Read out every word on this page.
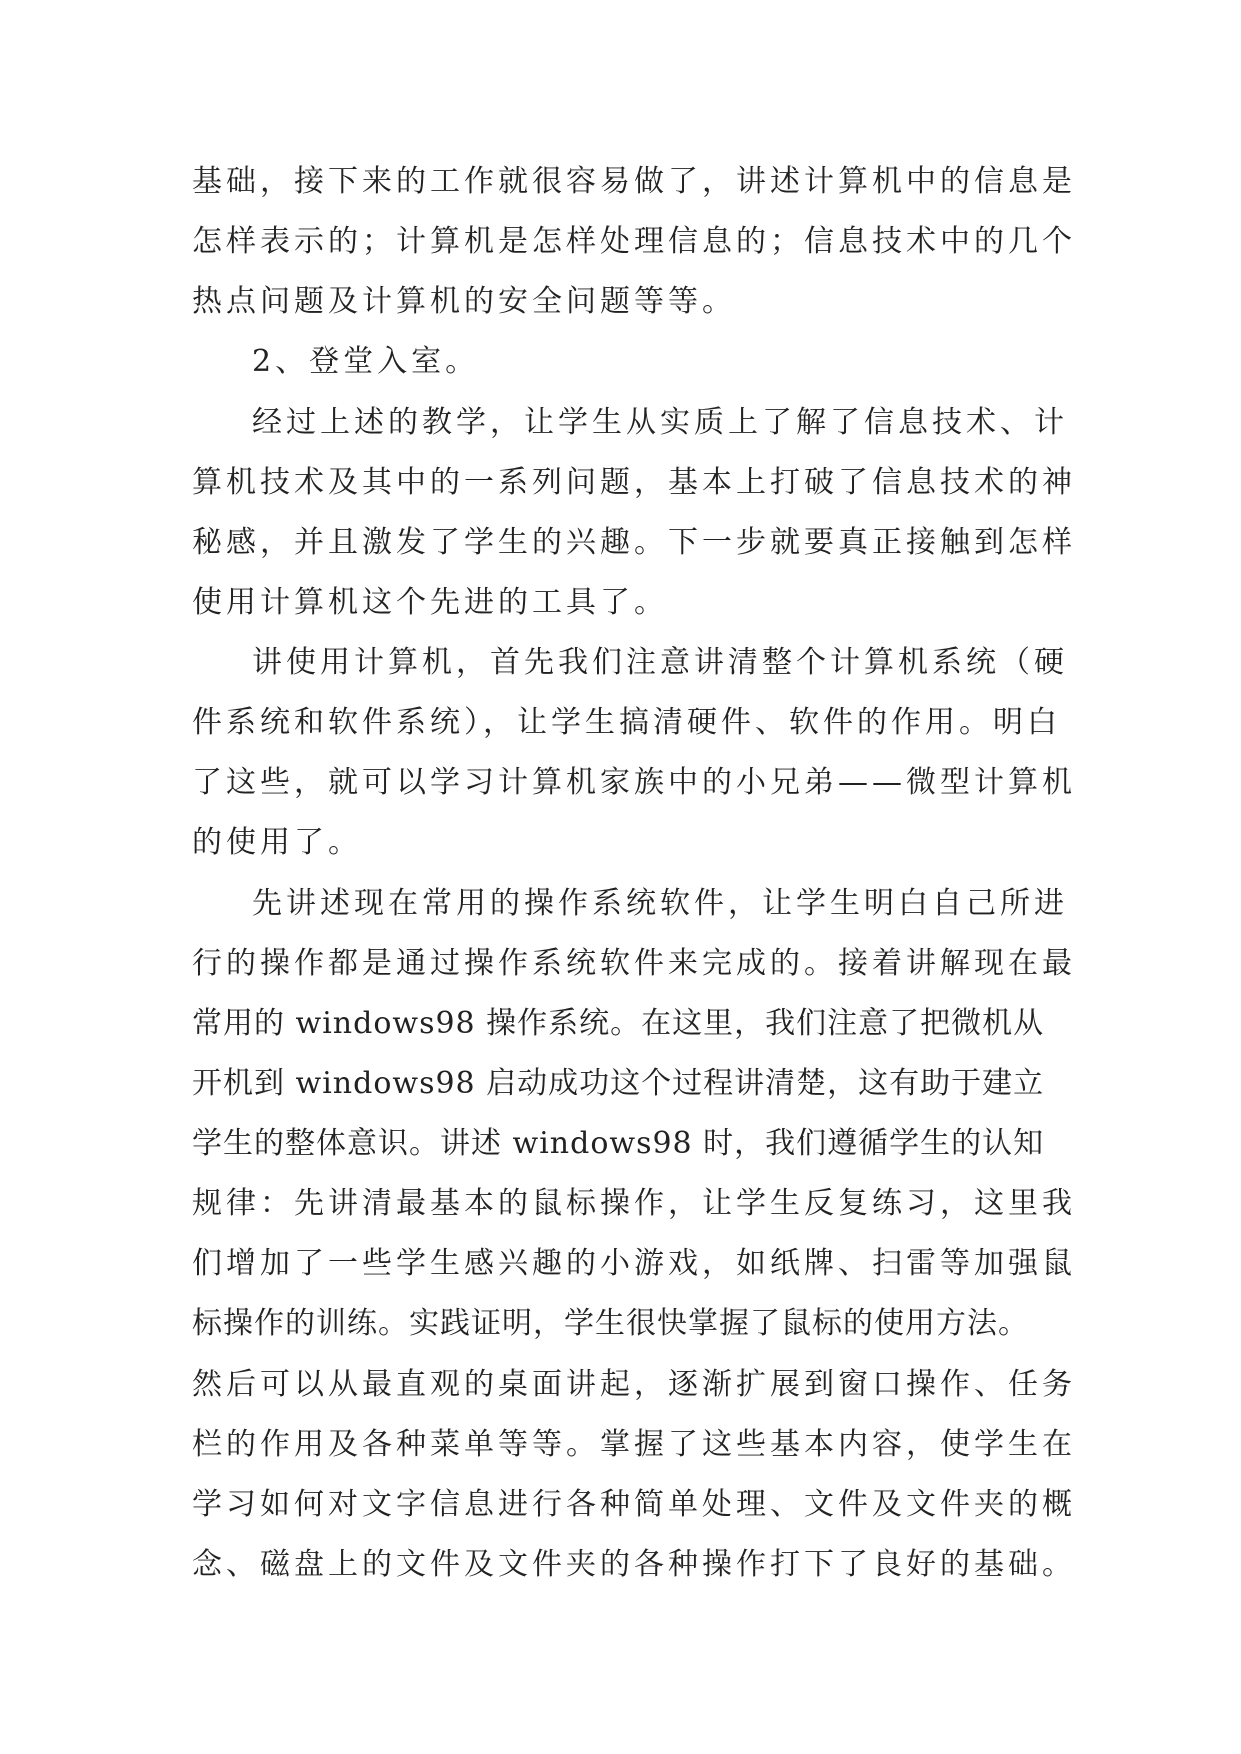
基础，接下来的工作就很容易做了，讲述计算机中的信息是
怎样表示的；计算机是怎样处理信息的；信息技术中的几个
热点问题及计算机的安全问题等等。
2、登堂入室。
经过上述的教学，让学生从实质上了解了信息技术、计
算机技术及其中的一系列问题，基本上打破了信息技术的神
秘感，并且激发了学生的兴趣。下一步就要真正接触到怎样
使用计算机这个先进的工具了。
讲使用计算机，首先我们注意讲清整个计算机系统（硬
件系统和软件系统），让学生搞清硬件、软件的作用。明白
了这些，就可以学习计算机家族中的小兄弟——微型计算机
的使用了。
先讲述现在常用的操作系统软件，让学生明白自己所进
行的操作都是通过操作系统软件来完成的。接着讲解现在最
常用的 windows98 操作系统。在这里，我们注意了把微机从
开机到 windows98 启动成功这个过程讲清楚，这有助于建立
学生的整体意识。讲述 windows98 时，我们遵循学生的认知
规律：先讲清最基本的鼠标操作，让学生反复练习，这里我
们增加了一些学生感兴趣的小游戏，如纸牌、扫雷等加强鼠
标操作的训练。实践证明，学生很快掌握了鼠标的使用方法。
然后可以从最直观的桌面讲起，逐渐扩展到窗口操作、任务
栏的作用及各种菜单等等。掌握了这些基本内容，使学生在
学习如何对文字信息进行各种简单处理、文件及文件夹的概
念、磁盘上的文件及文件夹的各种操作打下了良好的基础。
